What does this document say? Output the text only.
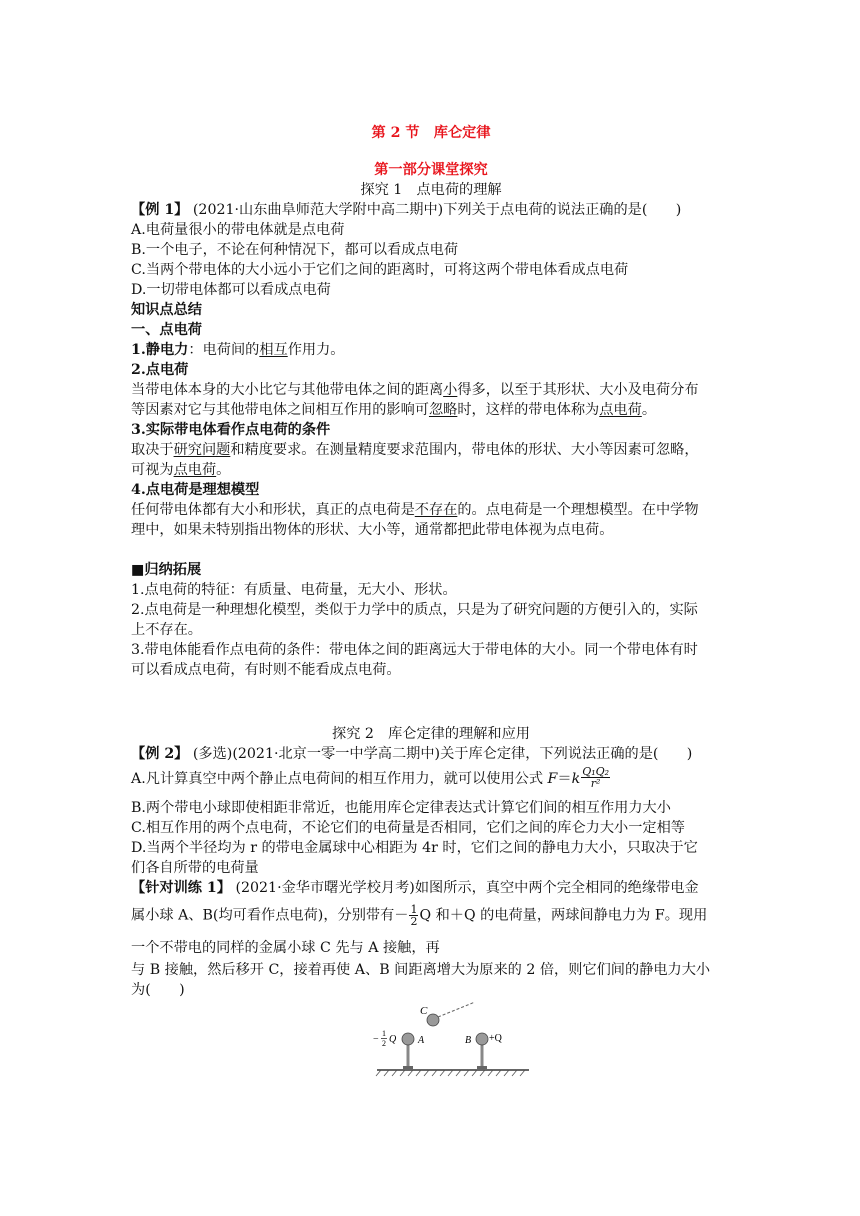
第 2 节　库仑定律
第一部分课堂探究
探究 1　点电荷的理解
【例 1】 (2021·山东曲阜师范大学附中高二期中)下列关于点电荷的说法正确的是(　　)
A.电荷量很小的带电体就是点电荷
B.一个电子，不论在何种情况下，都可以看成点电荷
C.当两个带电体的大小远小于它们之间的距离时，可将这两个带电体看成点电荷
D.一切带电体都可以看成点电荷
知识点总结
一、点电荷
1.静电力：电荷间的相互作用力。
2.点电荷
当带电体本身的大小比它与其他带电体之间的距离小得多，以至于其形状、大小及电荷分布
等因素对它与其他带电体之间相互作用的影响可忽略时，这样的带电体称为点电荷。
3.实际带电体看作点电荷的条件
取决于研究问题和精度要求。在测量精度要求范围内，带电体的形状、大小等因素可忽略，
可视为点电荷。
4.点电荷是理想模型
任何带电体都有大小和形状，真正的点电荷是不存在的。点电荷是一个理想模型。在中学物
理中，如果未特别指出物体的形状、大小等，通常都把此带电体视为点电荷。
■归纳拓展
1.点电荷的特征：有质量、电荷量，无大小、形状。
2.点电荷是一种理想化模型，类似于力学中的质点，只是为了研究问题的方便引入的，实际
上不存在。
3.带电体能看作点电荷的条件：带电体之间的距离远大于带电体的大小。同一个带电体有时
可以看成点电荷，有时则不能看成点电荷。
探究 2　库仑定律的理解和应用
【例 2】 (多选)(2021·北京一零一中学高二期中)关于库仑定律，下列说法正确的是(　　)
A.凡计算真空中两个静止点电荷间的相互作用力，就可以使用公式 $F=k \frac{\text{Q₁Q₂}}{\text{r²}}$
B.两个带电小球即使相距非常近，也能用库仑定律表达式计算它们间的相互作用力大小
C.相互作用的两个点电荷，不论它们的电荷量是否相同，它们之间的库仑力大小一定相等
D.当两个半径均为 r 的带电金属球中心相距为 4r 时，它们之间的静电力大小，只取决于它
们各自所带的电荷量
【针对训练 1】 (2021·金华市曙光学校月考)如图所示，真空中两个完全相同的绝缘带电金
属小球 A、B(均可看作点电荷)，分别带有－ $\frac{1}{2}$ Q 和＋Q 的电荷量，两球间静电力为 F。现用
一个不带电的同样的金属小球 C 先与 A 接触，再
与 B 接触，然后移开 C，接着再使 A、B 间距离增大为原来的 2 倍，则它们间的静电力大小
为(　　)
C
A	B +Q
−
1
2 Q
